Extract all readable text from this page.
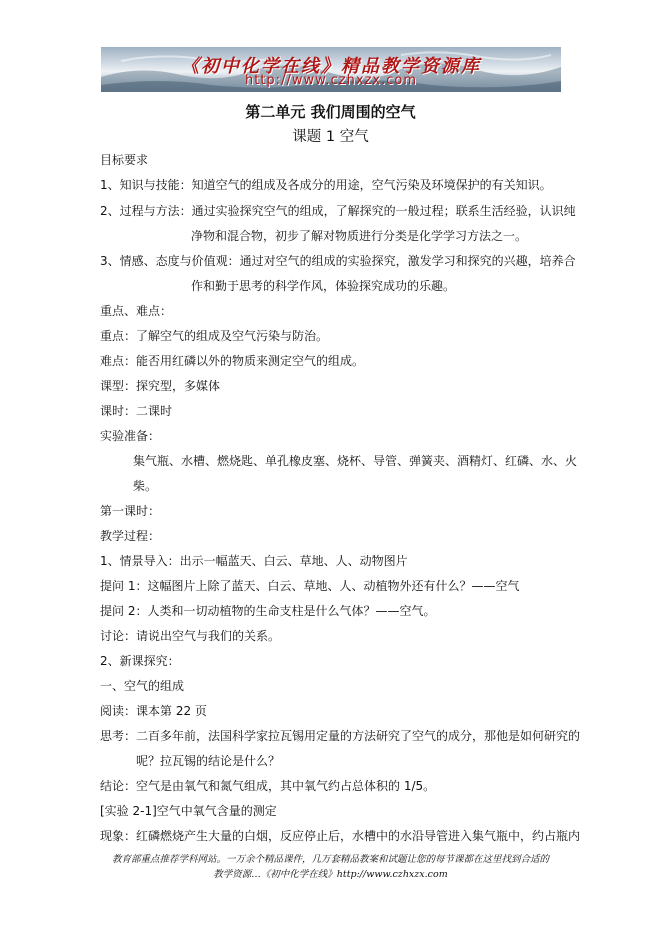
《初中化学在线》精品教学资源库
http://www.czhxzx.com
第二单元 我们周围的空气
课题 1 空气
目标要求
1、知识与技能：知道空气的组成及各成分的用途，空气污染及环境保护的有关知识。
2、过程与方法：通过实验探究空气的组成，了解探究的一般过程；联系生活经验，认识纯
净物和混合物，初步了解对物质进行分类是化学学习方法之一。
3、情感、态度与价值观：通过对空气的组成的实验探究，激发学习和探究的兴趣，培养合
作和勤于思考的科学作风，体验探究成功的乐趣。
重点、难点：
重点：了解空气的组成及空气污染与防治。
难点：能否用红磷以外的物质来测定空气的组成。
课型：探究型，多媒体
课时：二课时
实验准备：
集气瓶、水槽、燃烧匙、单孔橡皮塞、烧杯、导管、弹簧夹、酒精灯、红磷、水、火
柴。
第一课时：
教学过程：
1、情景导入：出示一幅蓝天、白云、草地、人、动物图片
提问 1：这幅图片上除了蓝天、白云、草地、人、动植物外还有什么？——空气
提问 2：人类和一切动植物的生命支柱是什么气体？——空气。
讨论：请说出空气与我们的关系。
2、新课探究：
一、空气的组成
阅读：课本第 22 页
思考：二百多年前，法国科学家拉瓦锡用定量的方法研究了空气的成分，那他是如何研究的
呢？拉瓦锡的结论是什么？
结论：空气是由氧气和氮气组成，其中氧气约占总体积的 1/5。
[实验 2-1]空气中氧气含量的测定
现象：红磷燃烧产生大量的白烟，反应停止后，水槽中的水沿导管进入集气瓶中，约占瓶内
教育部重点推荐学科网站。一万余个精品课件，几万套精品教案和试题让您的每节课都在这里找到合适的
教学资源…《初中化学在线》http://www.czhxzx.com
